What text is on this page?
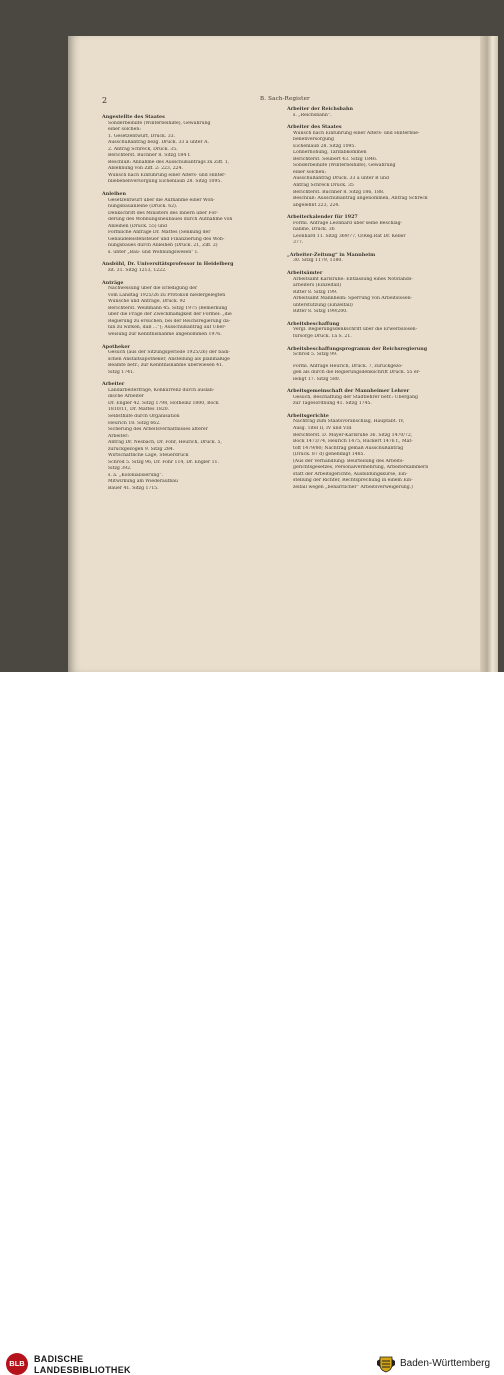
2	B. Sach-Register
Angestellte des Staates
Sonderbeihilfe (Winterbeihilfe), Gewährung
einer solchen:
1. Gesetzentwurf, Druck. 33.
Ausschußantrag bezg. Druck. 33 a unter A.
2. Antrag Schreck, Druck. 35.
Berichterst. Büchner 8. Sitzg 184 f.
Beschluß: Annahme des Ausschußantrags zu Ziff. 1,
Ablehnung von Ziff. 2: 223, 224.
Wunsch nach Einführung einer Alters- und Hinter-
bliebenenversorgung Eichenlaub 28. Sitzg 1095.
Anleihen
Gesetzentwurf über die Aufnahme einer Woh-
nungsbauanleihe (Druck. 62).
Denkschrift des Ministers des Innern über För-
derung des Wohnungsneubaues durch Aufnahme von
Anleihen (Druck. 55) und
Förmliche Anfrage Dr. Mattes (Senkung der
Gebäudeleistensteuer und Finanzierung des Woh-
nungsbaues durch Anleihen (Druck. 21, Ziff. 2)
s. unter „Bau- und Wohnungswesen“ I.
Ansbühl, Dr. Universitätsprofessor in Heidelberg
zit. 31. Sitzg 1213, 1222.
Anträge
Nachweisung über die Erledigung der
vom Landtag 1925/26 zu Protokoll niedergelegten
Wünsche und Anträge, Druck. 92
Berichterst. Weißmann 45. Sitzg 1975 (Bemerkung
über die Frage der Zweckmäßigkeit der Formel: „die
Regierung zu ersuchen, bei der Reichsregierung da-
hin zu wirken, daß ...“); Ausschußantrag auf Über-
weisung zur Kenntnisnahme angenommen 1976.
Apotheker
Gesuch (aus der Sitzungsperiode 1925/26) der badi-
schen Anstaltsapotheker, Anstellung als planmäßige
Beamte betr.; zur Kenntnisnahme überwiesen 41.
Sitzg 1741.
Arbeiter
Landarbeiterfrage, Konkurrenz durch auslän-
dische Arbeiter
Dr. Engler 42. Sitzg 1798, Hofheinz 1800, Bock
1810/11, Dr. Mattes 1820.
Selbsthilfe durch Organisation
Heurich 18. Sitzg 662.
Sicherung des Arbeitsverhältnisses älterer
Arbeiter:
Antrag Dr. Nesbach, Dr. Föhr, Heurich, Druck. 5,
zurückgezogen 9. Sitzg 284.
Wirtschaftliche Lage, Steuerdruck
Schrod 5. Sitzg 96, Dr. Föhr 114, Dr. Engler 11.
Sitzg 392.
s. a. „Kolonialisierung“.
Mitwirkung am Wiederaufbau
Bauer 41. Sitzg 1715.
Arbeiter der Reichsbahn
s. „Reichsbahn“.
Arbeiter des Staates
Wunsch nach Einführung einer Alters- und Hinterblie-
benenversorgung
Eichenlaub 28. Sitzg 1095.
Lohnerhöhung, Tarifabkommen
Berichterst. Seubert 43. Sitzg 1846.
Sonderbeihilfe (Winterbeihilfe), Gewährung
einer solchen:
Ausschußantrag Druck. 33 a unter B und
Antrag Schreck Druck. 35
Berichterst. Büchner 8. Sitzg 186, 188.
Beschluß: Ausschußantrag angenommen, Antrag Schreck
abgelehnt 223, 224.
Arbeiterkalender für 1927
Förml. Anfrage Leonhard über seine Beschlag-
nahme, Druck. 36
Leonhard 11. Sitzg 369/77, O/Reg.Rat Dr. Keller
377.
„Arbeiter-Zeitung“ in Mannheim
30. Sitzg 1179, 1180.
Arbeitsämter
Arbeitsamt Karlsruhe: Entlassung eines Notstands-
arbeiters (Einzelfall)
Ritter 8. Sitzg 199.
Arbeitsamt Mannheim: Sperrung von Arbeitslosen-
unterstützung (Einzelfall)
Ritter 8. Sitzg 199/200.
Arbeitsbeschaffung
Vergl. Regierungsdenkschrift über die Erwerbslosen-
fürsorge Druck. 1a S. 21.
Arbeitsbeschaffungsprogramm der Reichsregierung
Schrod 5. Sitzg 99.
Förml. Anfrage Heurich, Druck. 7, zurückgezo-
gen als durch die Regierungsdenkschrift Druck. 55 er-
ledigt 17. Sitzg 580.
Arbeitsgemeinschaft der Mannheimer Lehrer
Gesuch, Beschaffung der Stadtlehrer betr.: Übergang
zur Tagesordnung 41. Sitzg 1745.
Arbeitsgerichte
Nachtrag zum Staatsvoranschlag, Hauptabt. IV,
Ausg. Titel II, IV und VIII
Berichterst. D. Mayer-Karlsruhe 36. Sitzg 1470/72,
Bock 1473/74, Heurich 1475, Rückert 1476 f., Mat-
toff 1479/80; Nachtrag gemäß Ausschußantrag
(Druck. 87 d) genehmigt 1485.
(Aus der Verhandlung: Beurteilung des Arbeits-
gerichtsgesetzes, Personalvermehrung, Arbeiterkammern
statt der Arbeitsgerichte, Ausbildungskurse, Ein-
stellung der Richter, Rechtsprechung in einem Ein-
zelfall wegen „beharrlicher“ Arbeitsverweigerung.)
BLB	BADISCHE
LANDESBIBLIOTHEK
Baden-Württemberg
